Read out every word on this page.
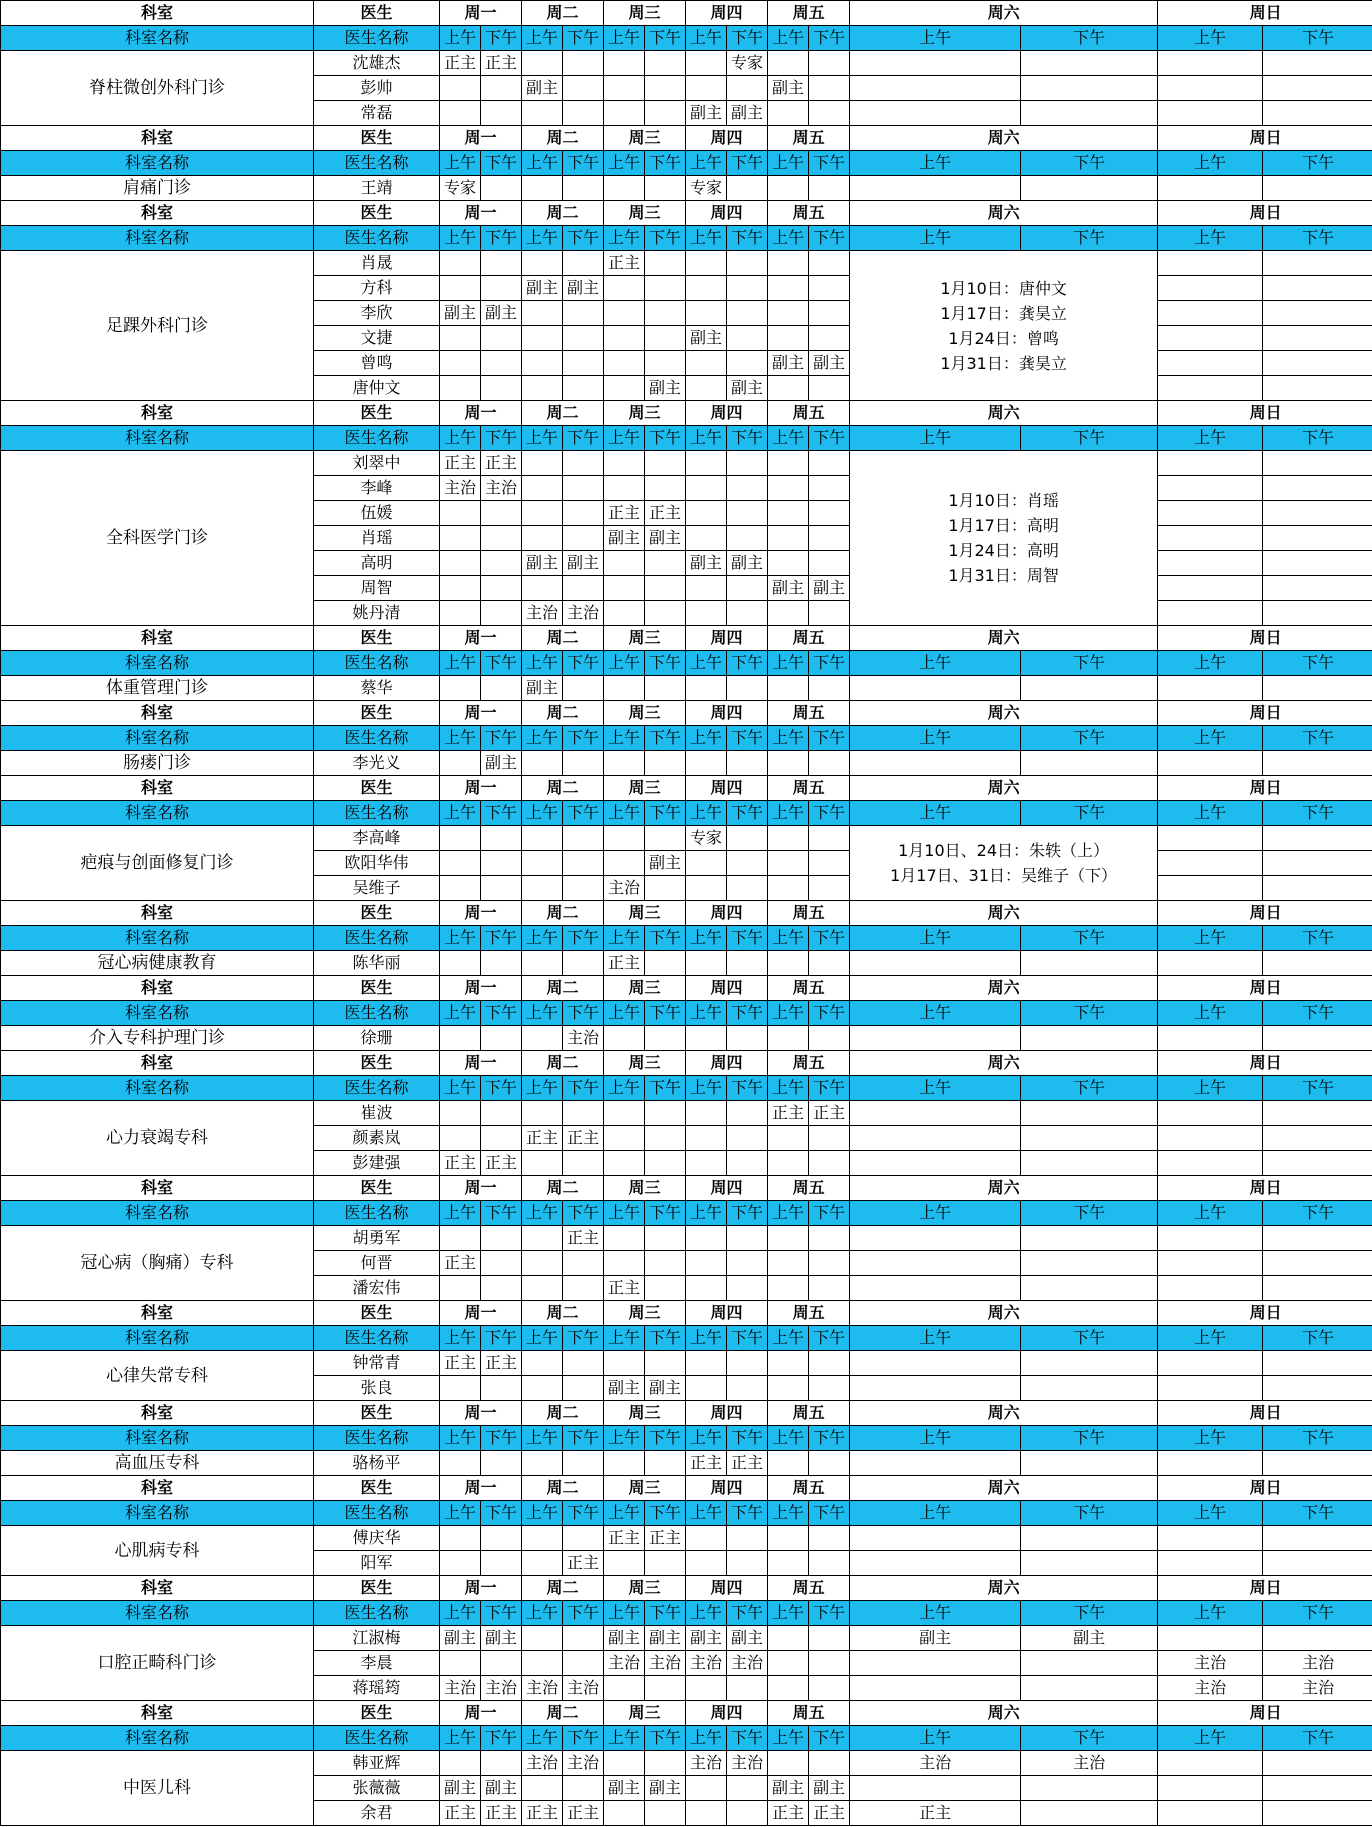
科室	医生	周一		周二		周三		周四		周五		周六		周日	
科室名称	医生名称	上午	下午	上午	下午	上午	下午	上午	下午	上午	下午	上午	下午	上午	下午
脊柱微创外科门诊	沈雄杰	正主	正主						专家						
	彭帅			副主						副主					
	常磊							副主	副主						
科室	医生	周一		周二		周三		周四		周五		周六		周日	
科室名称	医生名称	上午	下午	上午	下午	上午	下午	上午	下午	上午	下午	上午	下午	上午	下午
肩痛门诊	王靖	专家						专家							
科室	医生	周一		周二		周三		周四		周五		周六		周日	
科室名称	医生名称	上午	下午	上午	下午	上午	下午	上午	下午	上午	下午	上午	下午	上午	下午
足踝外科门诊	肖晟					正主						1月10日：唐仲文
1月17日：龚昊立
1月24日：曾鸣
1月31日：龚昊立			
	方科			副主	副主										
	李欣	副主	副主												
	文捷							副主							
	曾鸣									副主	副主				
	唐仲文						副主		副主						
科室	医生	周一		周二		周三		周四		周五		周六		周日	
科室名称	医生名称	上午	下午	上午	下午	上午	下午	上午	下午	上午	下午	上午	下午	上午	下午
全科医学门诊	刘翠中	正主	正主									1月10日：肖瑶
1月17日：高明
1月24日：高明
1月31日：周智			
	李峰	主治	主治												
	伍媛					正主	正主								
	肖瑶					副主	副主								
	高明			副主	副主			副主	副主						
	周智									副主	副主				
	姚丹清			主治	主治										
科室	医生	周一		周二		周三		周四		周五		周六		周日	
科室名称	医生名称	上午	下午	上午	下午	上午	下午	上午	下午	上午	下午	上午	下午	上午	下午
体重管理门诊	蔡华			副主											
科室	医生	周一		周二		周三		周四		周五		周六		周日	
科室名称	医生名称	上午	下午	上午	下午	上午	下午	上午	下午	上午	下午	上午	下午	上午	下午
肠瘘门诊	李光义		副主												
科室	医生	周一		周二		周三		周四		周五		周六		周日	
科室名称	医生名称	上午	下午	上午	下午	上午	下午	上午	下午	上午	下午	上午	下午	上午	下午
疤痕与创面修复门诊	李高峰							专家				1月10日、24日：朱轶（上）
1月17日、31日：吴维子（下）			
	欧阳华伟						副主								
	吴维子					主治									
科室	医生	周一		周二		周三		周四		周五		周六		周日	
科室名称	医生名称	上午	下午	上午	下午	上午	下午	上午	下午	上午	下午	上午	下午	上午	下午
冠心病健康教育	陈华丽					正主									
科室	医生	周一		周二		周三		周四		周五		周六		周日	
科室名称	医生名称	上午	下午	上午	下午	上午	下午	上午	下午	上午	下午	上午	下午	上午	下午
介入专科护理门诊	徐珊				主治										
科室	医生	周一		周二		周三		周四		周五		周六		周日	
科室名称	医生名称	上午	下午	上午	下午	上午	下午	上午	下午	上午	下午	上午	下午	上午	下午
心力衰竭专科	崔波									正主	正主				
	颜素岚			正主	正主										
	彭建强	正主	正主												
科室	医生	周一		周二		周三		周四		周五		周六		周日	
科室名称	医生名称	上午	下午	上午	下午	上午	下午	上午	下午	上午	下午	上午	下午	上午	下午
冠心病（胸痛）专科	胡勇军				正主										
	何晋	正主													
	潘宏伟					正主									
科室	医生	周一		周二		周三		周四		周五		周六		周日	
科室名称	医生名称	上午	下午	上午	下午	上午	下午	上午	下午	上午	下午	上午	下午	上午	下午
心律失常专科	钟常青	正主	正主												
	张良					副主	副主								
科室	医生	周一		周二		周三		周四		周五		周六		周日	
科室名称	医生名称	上午	下午	上午	下午	上午	下午	上午	下午	上午	下午	上午	下午	上午	下午
高血压专科	骆杨平							正主	正主						
科室	医生	周一		周二		周三		周四		周五		周六		周日	
科室名称	医生名称	上午	下午	上午	下午	上午	下午	上午	下午	上午	下午	上午	下午	上午	下午
心肌病专科	傅庆华					正主	正主								
	阳军				正主										
科室	医生	周一		周二		周三		周四		周五		周六		周日	
科室名称	医生名称	上午	下午	上午	下午	上午	下午	上午	下午	上午	下午	上午	下午	上午	下午
口腔正畸科门诊	江淑梅	副主	副主			副主	副主	副主	副主			副主	副主		
	李晨					主治	主治	主治	主治					主治	主治
	蒋瑶筠	主治	主治	主治	主治									主治	主治
科室	医生	周一		周二		周三		周四		周五		周六		周日	
科室名称	医生名称	上午	下午	上午	下午	上午	下午	上午	下午	上午	下午	上午	下午	上午	下午
中医儿科	韩亚辉			主治	主治			主治	主治			主治	主治		
	张薇薇	副主	副主			副主	副主			副主	副主				
	余君	正主	正主	正主	正主					正主	正主	正主			
